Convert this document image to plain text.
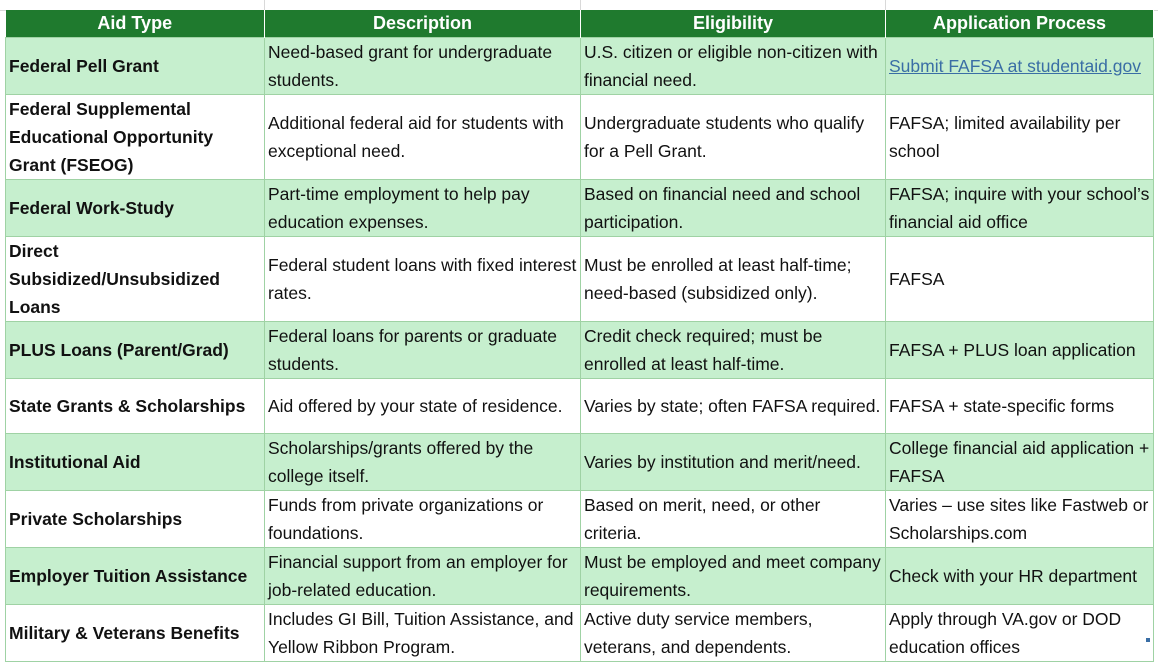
Aid Type	Description	Eligibility	Application Process
Federal Pell Grant	Need-based grant for undergraduate students.	U.S. citizen or eligible non-citizen with financial need.	Submit FAFSA at studentaid.gov
Federal Supplemental Educational Opportunity Grant (FSEOG)	Additional federal aid for students with exceptional need.	Undergraduate students who qualify for a Pell Grant.	FAFSA; limited availability per school
Federal Work-Study	Part-time employment to help pay education expenses.	Based on financial need and school participation.	FAFSA; inquire with your school’s financial aid office
Direct Subsidized/Unsubsidized Loans	Federal student loans with fixed interest rates.	Must be enrolled at least half-time; need-based (subsidized only).	FAFSA
PLUS Loans (Parent/Grad)	Federal loans for parents or graduate students.	Credit check required; must be enrolled at least half-time.	FAFSA + PLUS loan application
State Grants & Scholarships	Aid offered by your state of residence.	Varies by state; often FAFSA required.	FAFSA + state-specific forms
Institutional Aid	Scholarships/grants offered by the college itself.	Varies by institution and merit/need.	College financial aid application + FAFSA
Private Scholarships	Funds from private organizations or foundations.	Based on merit, need, or other criteria.	Varies – use sites like Fastweb or Scholarships.com
Employer Tuition Assistance	Financial support from an employer for job-related education.	Must be employed and meet company requirements.	Check with your HR department
Military & Veterans Benefits	Includes GI Bill, Tuition Assistance, and Yellow Ribbon Program.	Active duty service members, veterans, and dependents.	Apply through VA.gov or DOD education offices
